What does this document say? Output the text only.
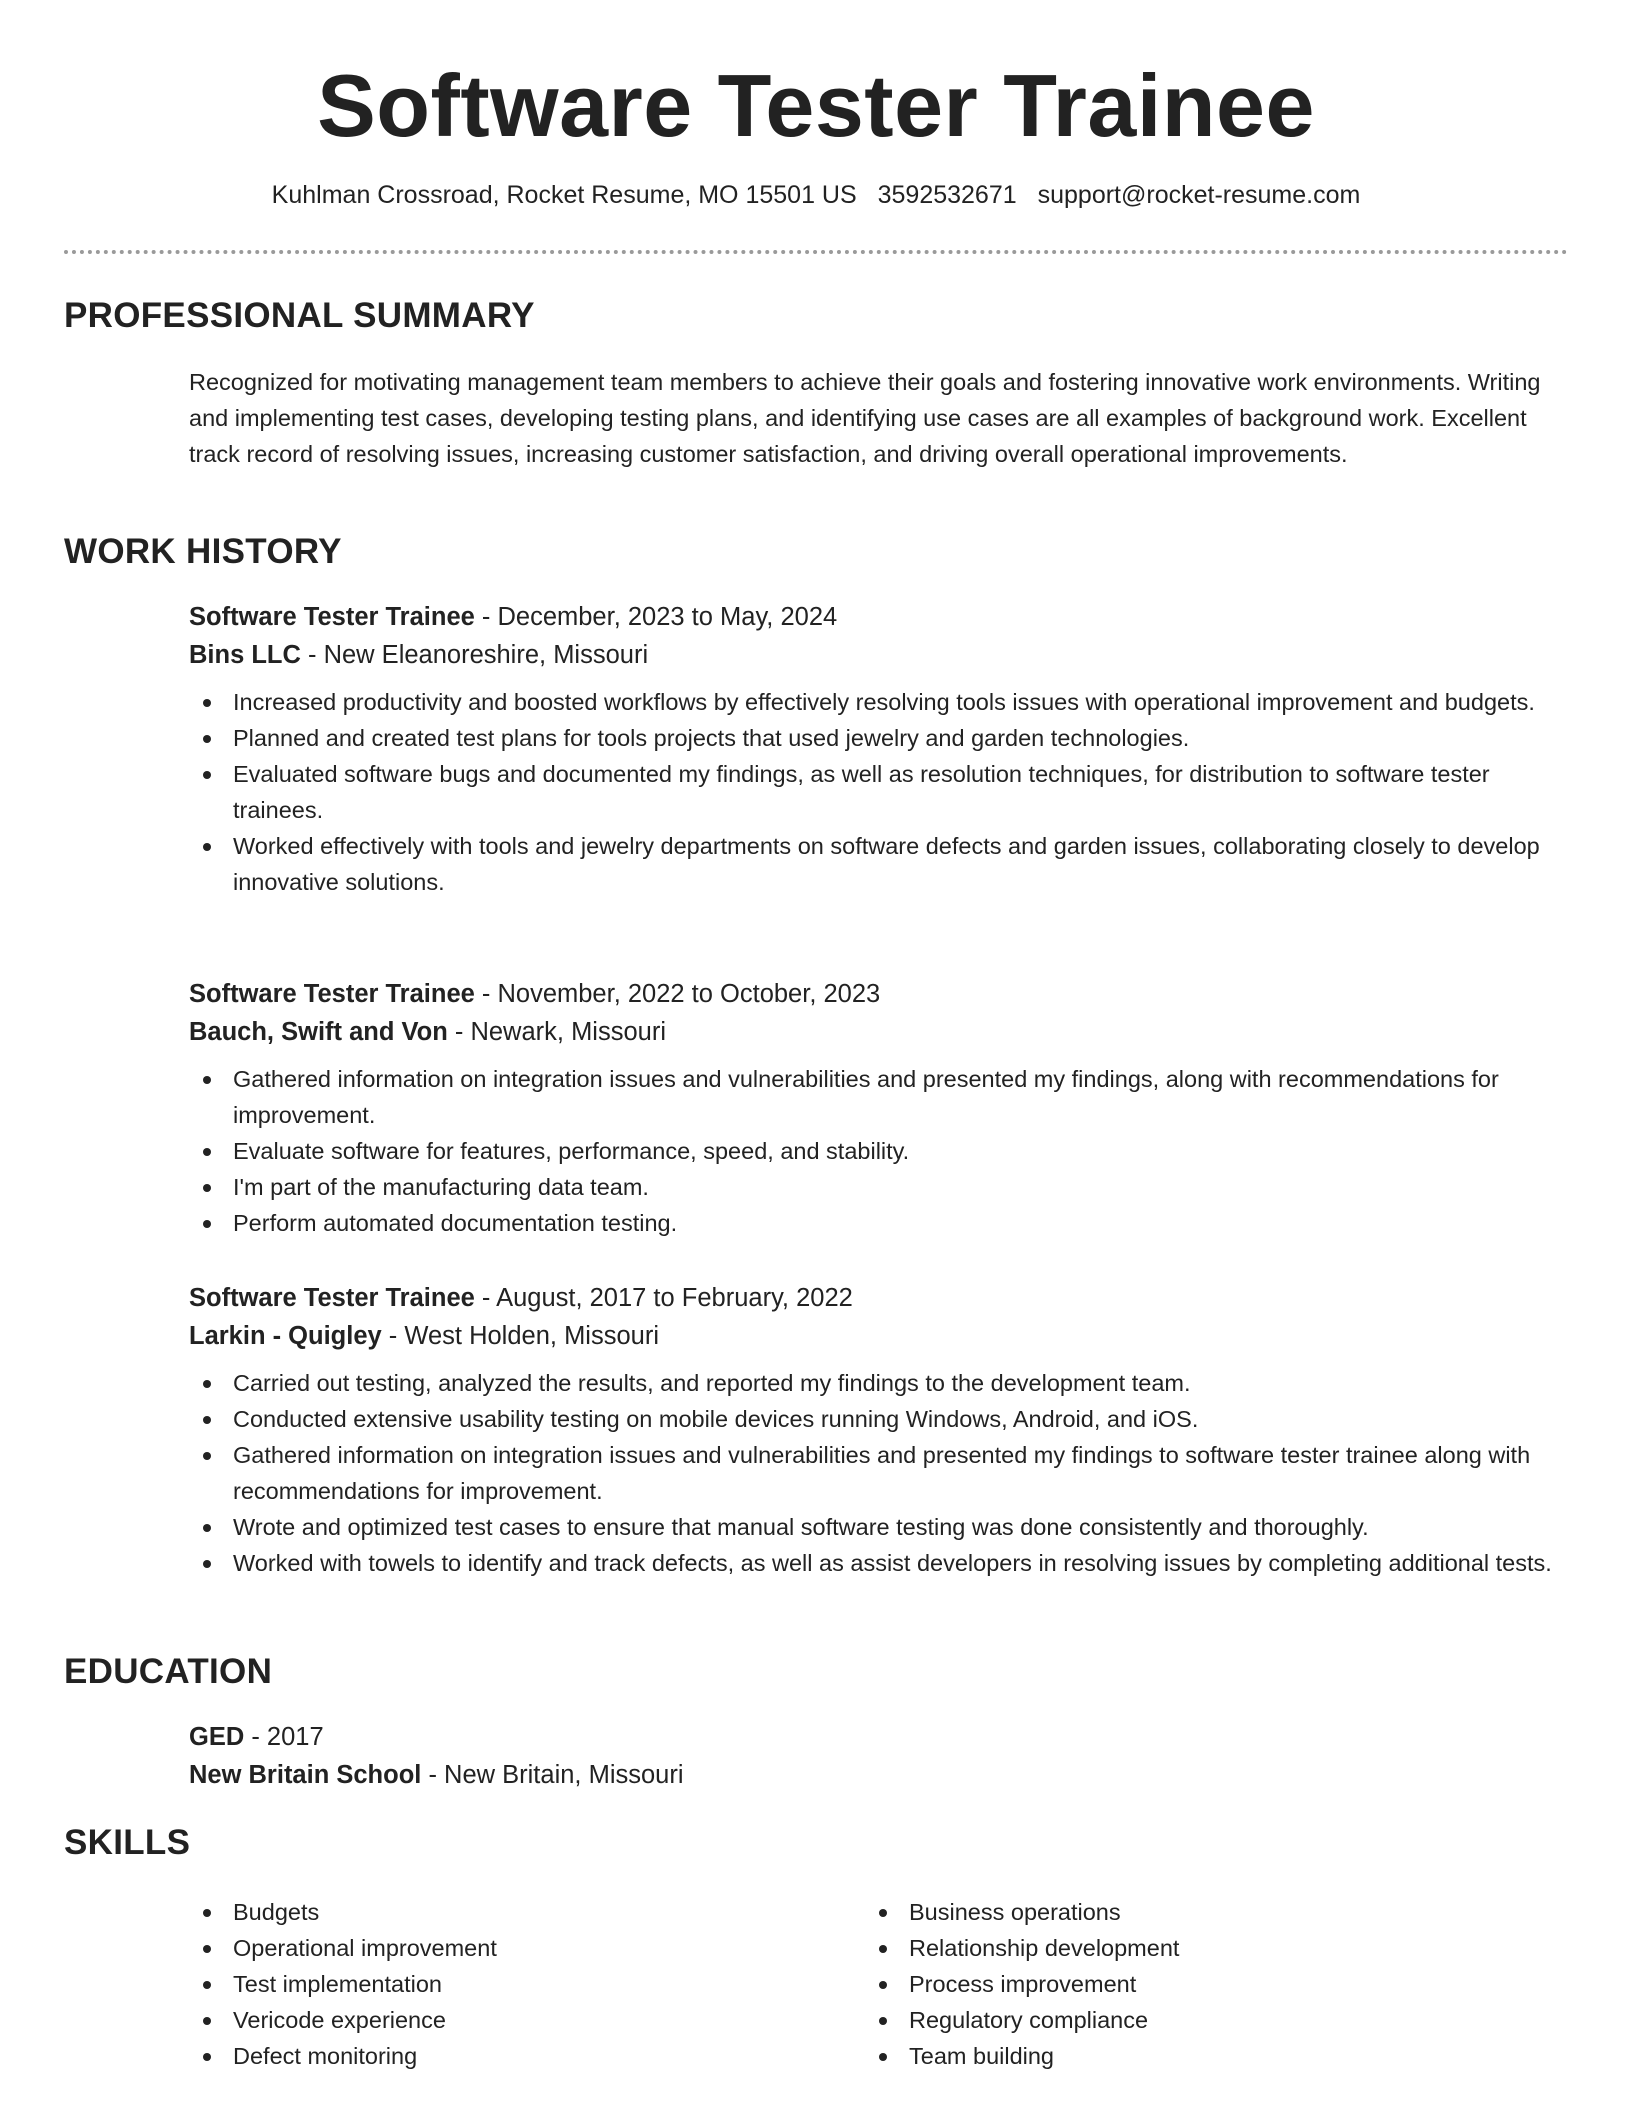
Software Tester Trainee
Kuhlman Crossroad, Rocket Resume, MO 15501 US 3592532671 support@rocket-resume.com
PROFESSIONAL SUMMARY

Recognized for motivating management team members to achieve their goals and fostering innovative work environments. Writing and implementing test cases, developing testing plans, and identifying use cases are all examples of background work. Excellent track record of resolving issues, increasing customer satisfaction, and driving overall operational improvements.

WORK HISTORY
Software Tester Trainee - December, 2023 to May, 2024
Bins LLC - New Eleanoreshire, Missouri
Increased productivity and boosted workflows by effectively resolving tools issues with operational improvement and budgets.
Planned and created test plans for tools projects that used jewelry and garden technologies.
Evaluated software bugs and documented my findings, as well as resolution techniques, for distribution to software tester trainees.
Worked effectively with tools and jewelry departments on software defects and garden issues, collaborating closely to develop innovative solutions.
Software Tester Trainee - November, 2022 to October, 2023
Bauch, Swift and Von - Newark, Missouri
Gathered information on integration issues and vulnerabilities and presented my findings, along with recommendations for improvement.
Evaluate software for features, performance, speed, and stability.
I'm part of the manufacturing data team.
Perform automated documentation testing.
Software Tester Trainee - August, 2017 to February, 2022
Larkin - Quigley - West Holden, Missouri
Carried out testing, analyzed the results, and reported my findings to the development team.
Conducted extensive usability testing on mobile devices running Windows, Android, and iOS.
Gathered information on integration issues and vulnerabilities and presented my findings to software tester trainee along with recommendations for improvement.
Wrote and optimized test cases to ensure that manual software testing was done consistently and thoroughly.
Worked with towels to identify and track defects, as well as assist developers in resolving issues by completing additional tests.
EDUCATION
GED - 2017
New Britain School - New Britain, Missouri
SKILLS
Budgets
Operational improvement
Test implementation
Vericode experience
Defect monitoring
Business operations
Relationship development
Process improvement
Regulatory compliance
Team building
